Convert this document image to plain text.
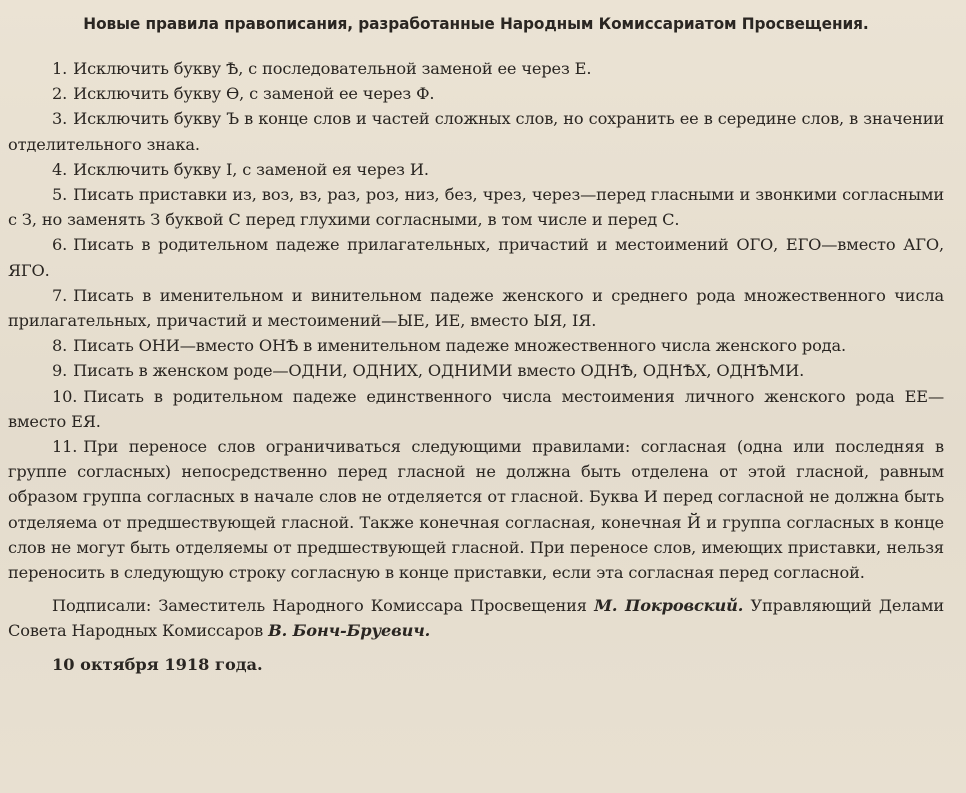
Новые правила правописания, разработанные Народным Комиссариатом Просвещения.

1. Исключить букву Ѣ, с последовательной заменой ее через Е.

2. Исключить букву Ѳ, с заменой ее через Ф.

3. Исключить букву Ъ в конце слов и частей сложных слов, но сохранить ее в середине слов, в значении отделительного знака.

4. Исключить букву І, с заменой ея через И.

5. Писать приставки из, воз, вз, раз, роз, низ, без, чрез, через—перед гласными и звонкими согласными с З, но заменять З буквой С перед глухими согласными, в том числе и перед С.

6. Писать в родительном падеже прилагательных, причастий и местоимений ОГО, ЕГО—вместо АГО, ЯГО.

7. Писать в именительном и винительном падеже женского и среднего рода множественного числа прилагательных, причастий и местоимений—ЫЕ, ИЕ, вместо ЫЯ, ІЯ.

8. Писать ОНИ—вместо ОНѢ в именительном падеже множественного числа женского рода.

9. Писать в женском роде—ОДНИ, ОДНИХ, ОДНИМИ вместо ОДНѢ, ОДНѢХ, ОДНѢМИ.

10. Писать в родительном падеже единственного числа местоимения личного женского рода ЕЕ—вместо ЕЯ.

11. При переносе слов ограничиваться следующими правилами: согласная (одна или последняя в группе согласных) непосредственно перед гласной не должна быть отделена от этой гласной, равным образом группа согласных в начале слов не отделяется от гласной. Буква И перед согласной не должна быть отделяема от предшествующей гласной. Также конечная согласная, конечная Й и группа согласных в конце слов не могут быть отделяемы от предшествующей гласной. При переносе слов, имеющих приставки, нельзя переносить в следующую строку согласную в конце приставки, если эта согласная перед согласной.

Подписали: Заместитель Народного Комиссара Просвещения М. Покровский. Управляющий Делами Совета Народных Комиссаров В. Бонч-Бруевич.

10 октября 1918 года.
